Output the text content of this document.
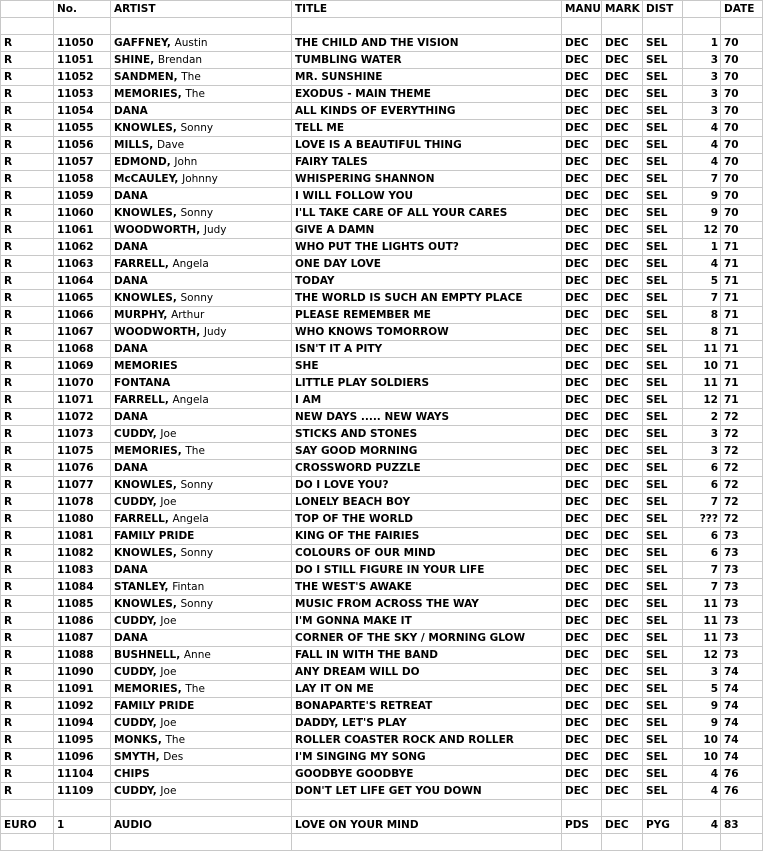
	No.	ARTIST	TITLE	MANU	MARK	DIST		DATE

R	11050	GAFFNEY, Austin	THE CHILD AND THE VISION	DEC	DEC	SEL	1	70
R	11051	SHINE, Brendan	TUMBLING WATER	DEC	DEC	SEL	3	70
R	11052	SANDMEN, The	MR. SUNSHINE	DEC	DEC	SEL	3	70
R	11053	MEMORIES, The	EXODUS - MAIN THEME	DEC	DEC	SEL	3	70
R	11054	DANA	ALL KINDS OF EVERYTHING	DEC	DEC	SEL	3	70
R	11055	KNOWLES, Sonny	TELL ME	DEC	DEC	SEL	4	70
R	11056	MILLS, Dave	LOVE IS A BEAUTIFUL THING	DEC	DEC	SEL	4	70
R	11057	EDMOND, John	FAIRY TALES	DEC	DEC	SEL	4	70
R	11058	McCAULEY, Johnny	WHISPERING SHANNON	DEC	DEC	SEL	7	70
R	11059	DANA	I WILL FOLLOW YOU	DEC	DEC	SEL	9	70
R	11060	KNOWLES, Sonny	I'LL TAKE CARE OF ALL YOUR CARES	DEC	DEC	SEL	9	70
R	11061	WOODWORTH, Judy	GIVE A DAMN	DEC	DEC	SEL	12	70
R	11062	DANA	WHO PUT THE LIGHTS OUT?	DEC	DEC	SEL	1	71
R	11063	FARRELL, Angela	ONE DAY LOVE	DEC	DEC	SEL	4	71
R	11064	DANA	TODAY	DEC	DEC	SEL	5	71
R	11065	KNOWLES, Sonny	THE WORLD IS SUCH AN EMPTY PLACE	DEC	DEC	SEL	7	71
R	11066	MURPHY, Arthur	PLEASE REMEMBER ME	DEC	DEC	SEL	8	71
R	11067	WOODWORTH, Judy	WHO KNOWS TOMORROW	DEC	DEC	SEL	8	71
R	11068	DANA	ISN'T IT A PITY	DEC	DEC	SEL	11	71
R	11069	MEMORIES	SHE	DEC	DEC	SEL	10	71
R	11070	FONTANA	LITTLE PLAY SOLDIERS	DEC	DEC	SEL	11	71
R	11071	FARRELL, Angela	I AM	DEC	DEC	SEL	12	71
R	11072	DANA	NEW DAYS ..... NEW WAYS	DEC	DEC	SEL	2	72
R	11073	CUDDY, Joe	STICKS AND STONES	DEC	DEC	SEL	3	72
R	11075	MEMORIES, The	SAY GOOD MORNING	DEC	DEC	SEL	3	72
R	11076	DANA	CROSSWORD PUZZLE	DEC	DEC	SEL	6	72
R	11077	KNOWLES, Sonny	DO I LOVE YOU?	DEC	DEC	SEL	6	72
R	11078	CUDDY, Joe	LONELY BEACH BOY	DEC	DEC	SEL	7	72
R	11080	FARRELL, Angela	TOP OF THE WORLD	DEC	DEC	SEL	???	72
R	11081	FAMILY PRIDE	KING OF THE FAIRIES	DEC	DEC	SEL	6	73
R	11082	KNOWLES, Sonny	COLOURS OF OUR MIND	DEC	DEC	SEL	6	73
R	11083	DANA	DO I STILL FIGURE IN YOUR LIFE	DEC	DEC	SEL	7	73
R	11084	STANLEY, Fintan	THE WEST'S AWAKE	DEC	DEC	SEL	7	73
R	11085	KNOWLES, Sonny	MUSIC FROM ACROSS THE WAY	DEC	DEC	SEL	11	73
R	11086	CUDDY, Joe	I'M GONNA MAKE IT	DEC	DEC	SEL	11	73
R	11087	DANA	CORNER OF THE SKY / MORNING GLOW	DEC	DEC	SEL	11	73
R	11088	BUSHNELL, Anne	FALL IN WITH THE BAND	DEC	DEC	SEL	12	73
R	11090	CUDDY, Joe	ANY DREAM WILL DO	DEC	DEC	SEL	3	74
R	11091	MEMORIES, The	LAY IT ON ME	DEC	DEC	SEL	5	74
R	11092	FAMILY PRIDE	BONAPARTE'S RETREAT	DEC	DEC	SEL	9	74
R	11094	CUDDY, Joe	DADDY, LET'S PLAY	DEC	DEC	SEL	9	74
R	11095	MONKS, The	ROLLER COASTER ROCK AND ROLLER	DEC	DEC	SEL	10	74
R	11096	SMYTH, Des	I'M SINGING MY SONG	DEC	DEC	SEL	10	74
R	11104	CHIPS	GOODBYE GOODBYE	DEC	DEC	SEL	4	76
R	11109	CUDDY, Joe	DON'T LET LIFE GET YOU DOWN	DEC	DEC	SEL	4	76

EURO	1	AUDIO	LOVE ON YOUR MIND	PDS	DEC	PYG	4	83
